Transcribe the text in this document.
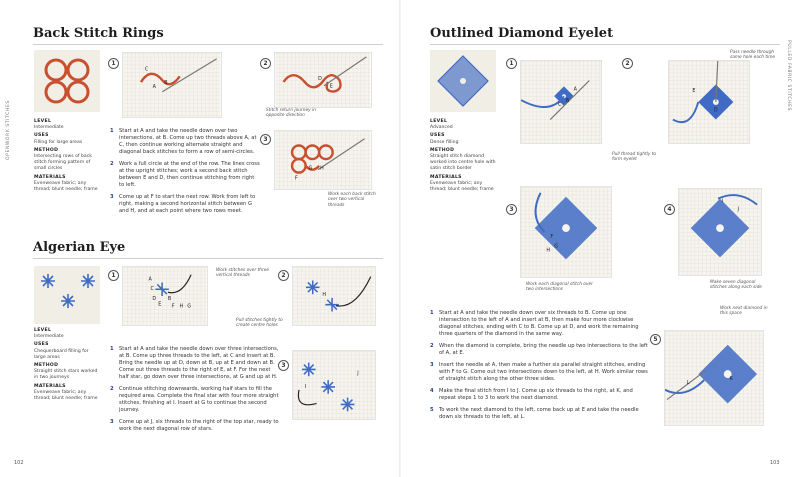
OPENWORK STITCHES
PULLED FABRIC STITCHES
Back Stitch Rings
LEVEL
Intermediate
USES
Filling for large areas
METHOD
Intersecting rows of back stitch forming pattern of small circles
MATERIALS
Evenweave fabric; any thread; blunt needle; frame
1
C
A
B
2
D
E
Stitch return journey in opposite direction
3
F
G H
Work each back stitch over two vertical threads
1	Start at A and take the needle down over two intersections, at B. Come up two threads above A, at C, then continue working alternate straight and diagonal back stitches to form a row of semi-circles.
2	Work a full circle at the end of the row. The lines cross at the upright stitches; work a second back stitch between E and D, then continue stitching from right to left.
3	Come up at F to start the next row. Work from left to right, making a second horizontal stitch between G and H, and at each point where two rows meet.
Algerian Eye
LEVEL
Intermediate
USES
Chequerboard filling for large areas
METHOD
Straight stitch stars worked in two journeys
MATERIALS
Evenweave fabric; any thread; blunt needle; frame
1
A
C
D B
E F H G
Work stitches over three vertical threads	2
H
Pull stitches tightly to create centre holes
3
I
J
1	Start at A and take the needle down over three intersections, at B. Come up three threads to the left, at C and insert at B. Bring the needle up at D, down at B, up at E and down at B. Come out three threads to the right of E, at F. For the next half star, go down over three intersections, at G and up at H.
2	Continue stitching downwards, working half stars to fill the required area. Complete the final star with four more straight stitches, finishing at I. Insert at G to continue the second journey.
3	Come up at J, six threads to the right of the top star, ready to work the next diagonal row of stars.
102
Outlined Diamond Eyelet
LEVEL
Advanced
USES
Dense filling
METHOD
Straight stitch diamond worked into centre hole with satin stitch border
MATERIALS
Evenweave fabric; any thread; blunt needle; frame
1
A
B
C
2
D
E
Pass needle through same hole each time
Pull thread tightly to form eyelet
3
F
G
H
Work each diagonal stitch over two intersections
4
I
J
Make seven diagonal stitches along each side
5
K
L
Work next diamond in this space
1	Start at A and take the needle down over six threads to B. Come up one intersection to the left of A and insert at B, then make four more clockwise diagonal stitches, ending with C to B. Come up at D, and work the remaining three quarters of the diamond in the same way.
2	When the diamond is complete, bring the needle up two intersections to the left of A, at E.
3	Insert the needle at A, then make a further six parallel straight stitches, ending with F to G. Come out two intersections down to the left, at H. Work similar rows of straight stitch along the other three sides.
4	Make the final stitch from I to J. Come up six threads to the right, at K, and repeat steps 1 to 3 to work the next diamond.
5	To work the next diamond to the left, come back up at E and take the needle down six threads to the left, at L.
103
